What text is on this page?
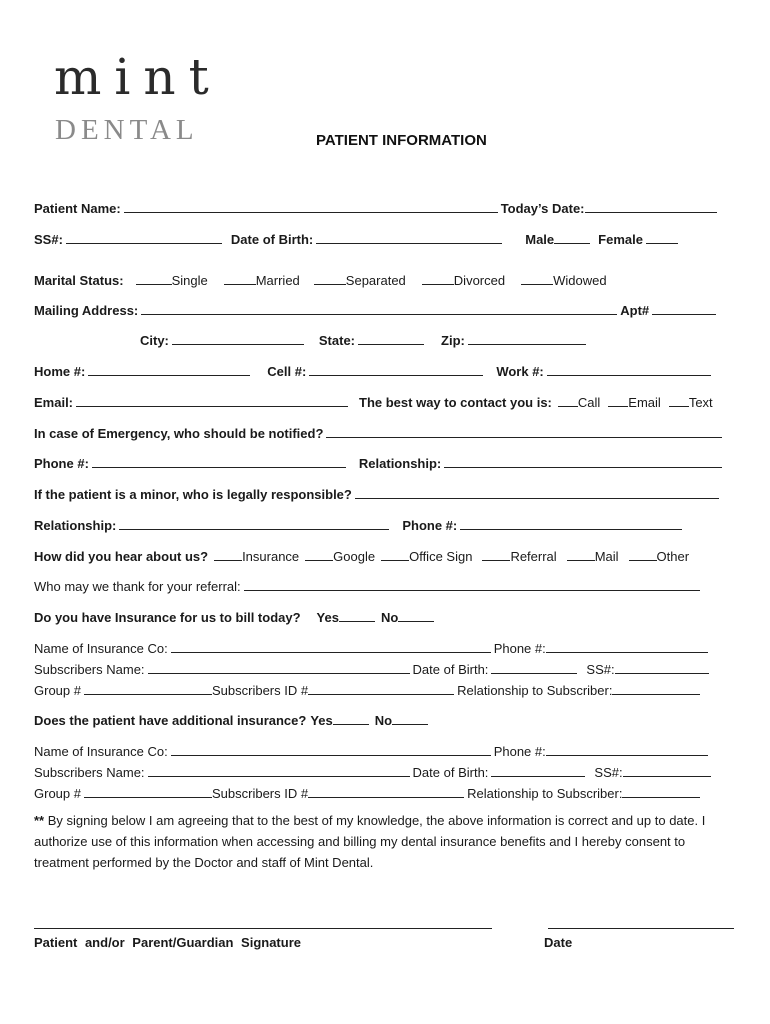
mint
DENTAL	PATIENT INFORMATION
Patient Name:	Today’s Date:
SS#:	Date of Birth:	Male	Female
Marital Status:	Single	Married	Separated	Divorced	Widowed
Mailing Address:	Apt#
City:	State:	Zip:
Home #:	Cell #:	Work #:
Email:	The best way to contact you is: Call Email Text
In case of Emergency, who should be notified?
Phone #:	Relationship:
If the patient is a minor, who is legally responsible?
Relationship:	Phone #:
How did you hear about us?	Insurance	Google	Office Sign	Referral	Mail	Other
Who may we thank for your referral:
Do you have Insurance for us to bill today? Yes	No
Name of Insurance Co:	Phone #:
Subscribers Name:	Date of Birth:	SS#:
Group #	Subscribers ID #	Relationship to Subscriber:
Does the patient have additional insurance? Yes	No
Name of Insurance Co:	Phone #:
Subscribers Name:	Date of Birth:	SS#:
Group #	Subscribers ID #	Relationship to Subscriber:
** By signing below I am agreeing that to the best of my knowledge, the above information is correct and up to date. I authorize use of this information when accessing and billing my dental insurance benefits and I hereby consent to treatment performed by the Doctor and staff of Mint Dental.
Patient and/or Parent/Guardian Signature	Date
